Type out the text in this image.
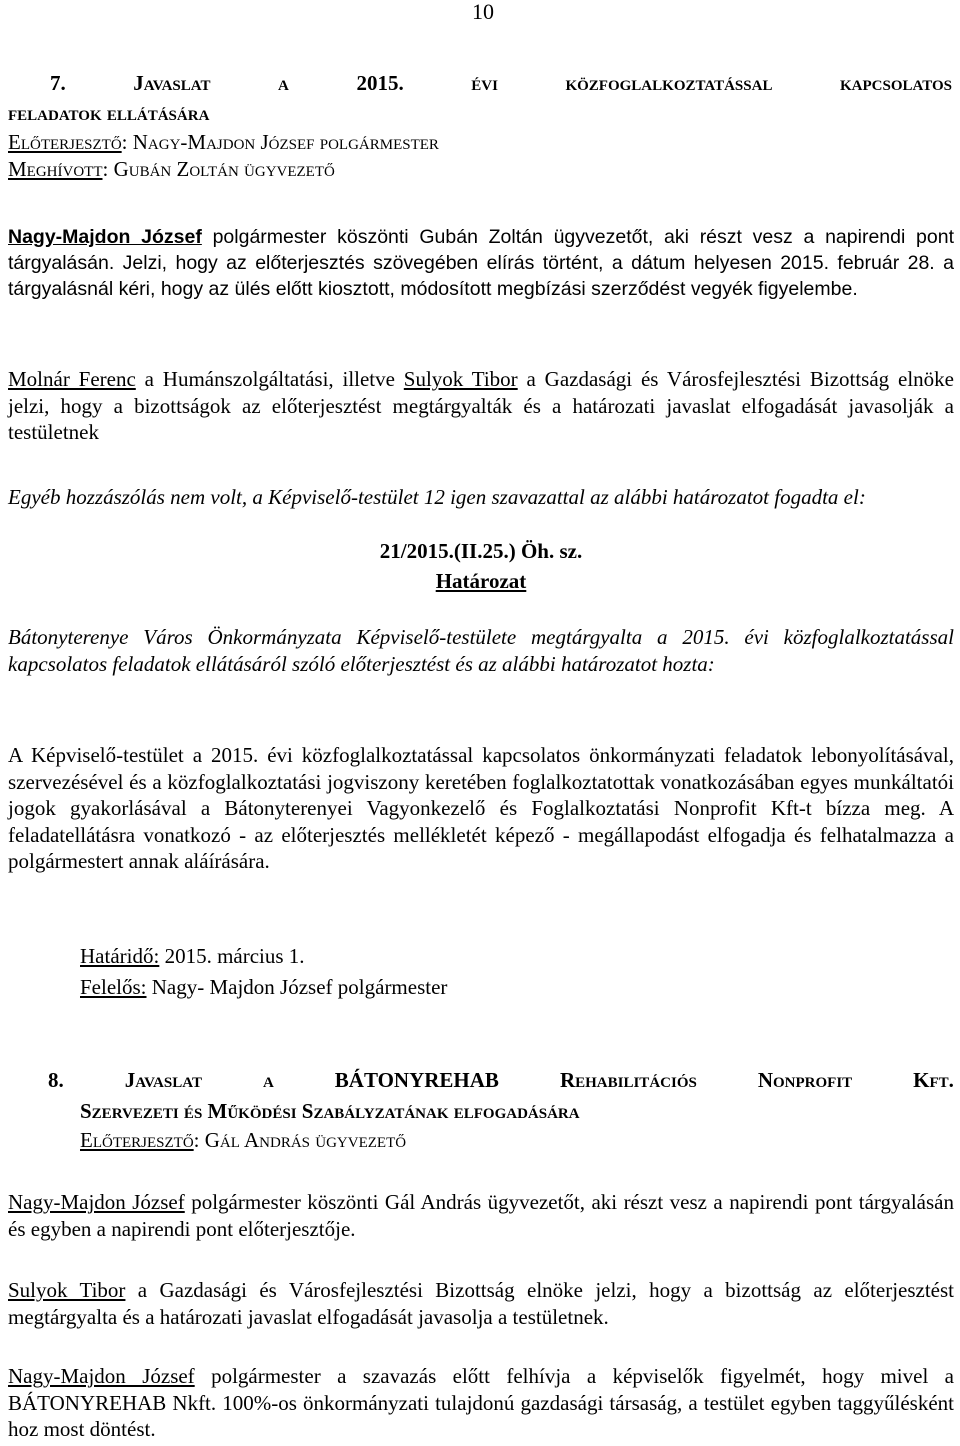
10
7.	Javaslat	a	2015.	évi	közfoglalkoztatással	kapcsolatos
feladatok ellátására
Előterjesztő: Nagy-Majdon József polgármester
Meghívott: Gubán Zoltán ügyvezető
Nagy-Majdon József polgármester köszönti Gubán Zoltán ügyvezetőt, aki részt vesz a napirendi pont tárgyalásán. Jelzi, hogy az előterjesztés szövegében elírás történt, a dátum helyesen 2015. február 28. a tárgyalásnál kéri, hogy az ülés előtt kiosztott, módosított megbízási szerződést vegyék figyelembe.
Molnár Ferenc a Humánszolgáltatási, illetve Sulyok Tibor a Gazdasági és Városfejlesztési Bizottság elnöke jelzi, hogy a bizottságok az előterjesztést megtárgyalták és a határozati javaslat elfogadását javasolják a testületnek
Egyéb hozzászólás nem volt, a Képviselő-testület 12 igen szavazattal az alábbi határozatot fogadta el:
21/2015.(II.25.) Öh. sz.
Határozat
Bátonyterenye Város Önkormányzata Képviselő-testülete megtárgyalta a 2015. évi közfoglalkoztatással kapcsolatos feladatok ellátásáról szóló előterjesztést és az alábbi határozatot hozta:
A Képviselő-testület a 2015. évi közfoglalkoztatással kapcsolatos önkormányzati feladatok lebonyolításával, szervezésével és a közfoglalkoztatási jogviszony keretében foglalkoztatottak vonatkozásában egyes munkáltatói jogok gyakorlásával a Bátonyterenyei Vagyonkezelő és Foglalkoztatási Nonprofit Kft-t bízza meg. A feladatellátásra vonatkozó - az előterjesztés mellékletét képező - megállapodást elfogadja és felhatalmazza a polgármestert annak aláírására.
Határidő: 2015. március 1.
Felelős: Nagy- Majdon József polgármester
8.	Javaslat	a	BÁTONYREHAB	Rehabilitációs	Nonprofit	Kft.
Szervezeti és Működési Szabályzatának elfogadására
Előterjesztő: Gál András ügyvezető
Nagy-Majdon József polgármester köszönti Gál András ügyvezetőt, aki részt vesz a napirendi pont tárgyalásán és egyben a napirendi pont előterjesztője.
Sulyok Tibor a Gazdasági és Városfejlesztési Bizottság elnöke jelzi, hogy a bizottság az előterjesztést megtárgyalta és a határozati javaslat elfogadását javasolja a testületnek.
Nagy-Majdon József polgármester a szavazás előtt felhívja a képviselők figyelmét, hogy mivel a BÁTONYREHAB Nkft. 100%-os önkormányzati tulajdonú gazdasági társaság, a testület egyben taggyűlésként hoz most döntést.
